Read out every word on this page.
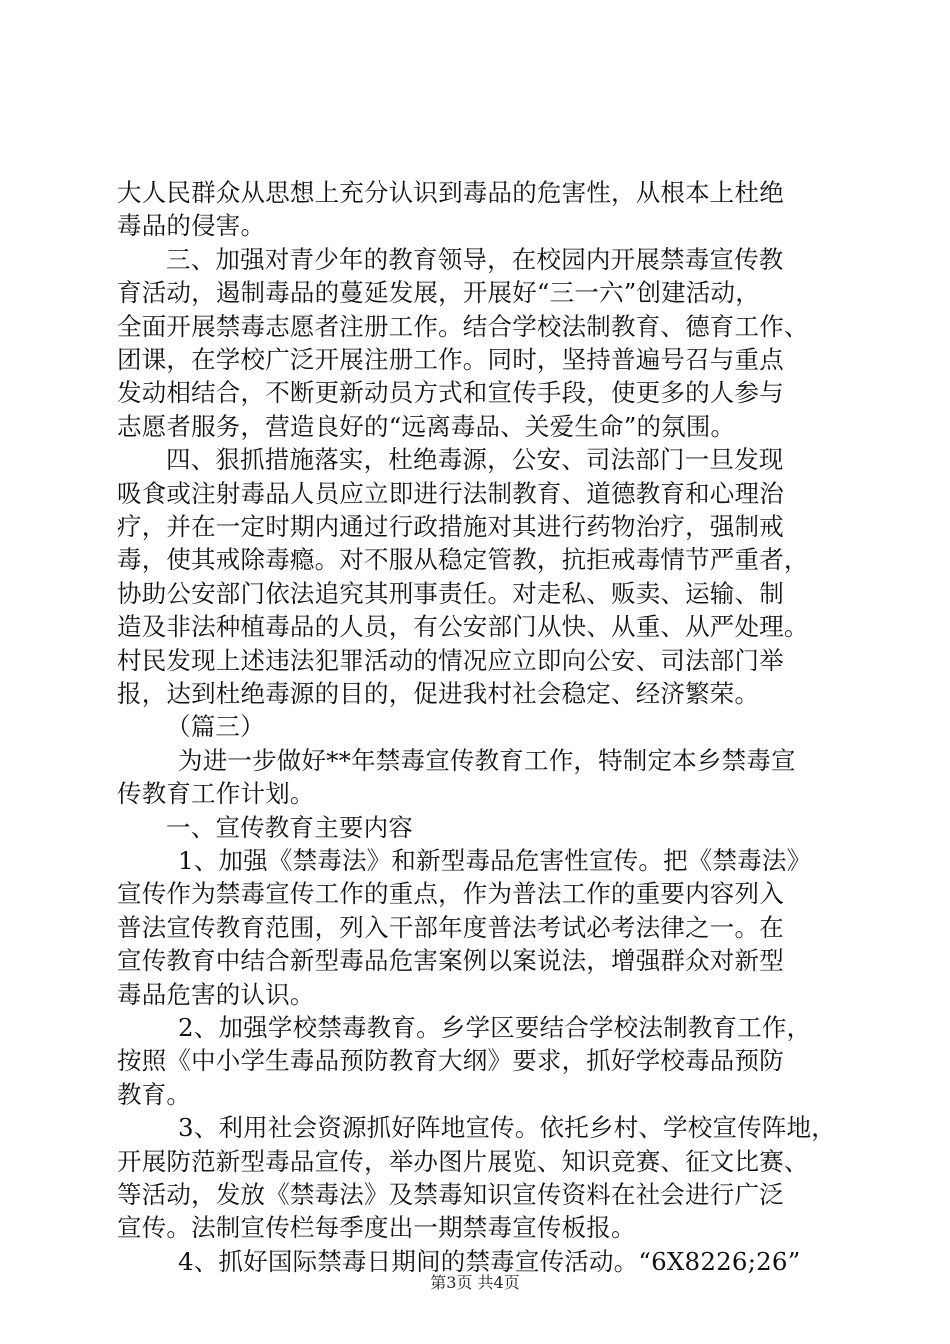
大人民群众从思想上充分认识到毒品的危害性，从根本上杜绝
毒品的侵害。
三、加强对青少年的教育领导，在校园内开展禁毒宣传教
育活动，遏制毒品的蔓延发展，开展好“三一六”创建活动，
全面开展禁毒志愿者注册工作。结合学校法制教育、德育工作、
团课，在学校广泛开展注册工作。同时，坚持普遍号召与重点
发动相结合，不断更新动员方式和宣传手段，使更多的人参与
志愿者服务，营造良好的“远离毒品、关爱生命”的氛围。
四、狠抓措施落实，杜绝毒源，公安、司法部门一旦发现
吸食或注射毒品人员应立即进行法制教育、道德教育和心理治
疗，并在一定时期内通过行政措施对其进行药物治疗，强制戒
毒，使其戒除毒瘾。对不服从稳定管教，抗拒戒毒情节严重者，
协助公安部门依法追究其刑事责任。对走私、贩卖、运输、制
造及非法种植毒品的人员，有公安部门从快、从重、从严处理。
村民发现上述违法犯罪活动的情况应立即向公安、司法部门举
报，达到杜绝毒源的目的，促进我村社会稳定、经济繁荣。
（篇三）
为进一步做好**年禁毒宣传教育工作，特制定本乡禁毒宣
传教育工作计划。
一、宣传教育主要内容
1、加强《禁毒法》和新型毒品危害性宣传。把《禁毒法》
宣传作为禁毒宣传工作的重点，作为普法工作的重要内容列入
普法宣传教育范围，列入干部年度普法考试必考法律之一。在
宣传教育中结合新型毒品危害案例以案说法，增强群众对新型
毒品危害的认识。
2、加强学校禁毒教育。乡学区要结合学校法制教育工作，
按照《中小学生毒品预防教育大纲》要求，抓好学校毒品预防
教育。
3、利用社会资源抓好阵地宣传。依托乡村、学校宣传阵地，
开展防范新型毒品宣传，举办图片展览、知识竞赛、征文比赛、
等活动，发放《禁毒法》及禁毒知识宣传资料在社会进行广泛
宣传。法制宣传栏每季度出一期禁毒宣传板报。
4、抓好国际禁毒日期间的禁毒宣传活动。“6X8226;26”
第3页 共4页
